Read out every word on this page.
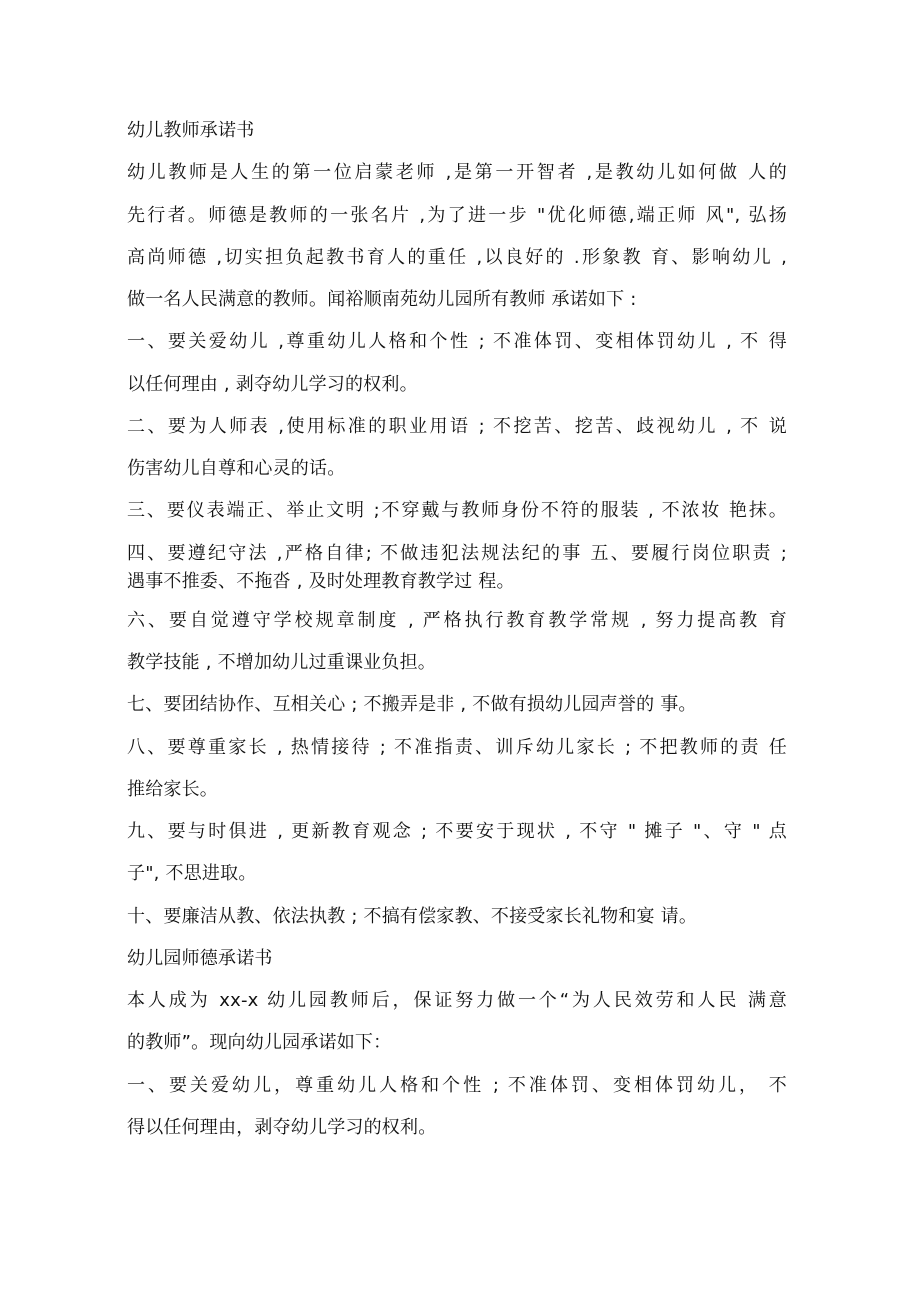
幼儿教师承诺书
幼儿教师是人生的第一位启蒙老师 ,是第一开智者 ,是教幼儿如何做 人的
先行者。师德是教师的一张名片 ,为了进一步 "优化师德,端正师 风", 弘扬
高尚师德 ,切实担负起教书育人的重任 ,以良好的 .形象教 育、影响幼儿 ,
做一名人民满意的教师。闻裕顺南苑幼儿园所有教师 承诺如下 :
一、要关爱幼儿 ,尊重幼儿人格和个性 ; 不准体罚、变相体罚幼儿 , 不 得
以任何理由 , 剥夺幼儿学习的权利。
二、要为人师表 ,使用标准的职业用语 ; 不挖苦、挖苦、歧视幼儿 , 不 说
伤害幼儿自尊和心灵的话。
三、要仪表端正、举止文明 ;不穿戴与教师身份不符的服装 , 不浓妆 艳抹。
四、要遵纪守法 ,严格自律; 不做违犯法规法纪的事 五、要履行岗位职责 ;
遇事不推委、不拖沓 , 及时处理教育教学过 程。
六、要自觉遵守学校规章制度 , 严格执行教育教学常规 , 努力提高教 育
教学技能 , 不增加幼儿过重课业负担。
七、要团结协作、互相关心 ; 不搬弄是非 , 不做有损幼儿园声誉的 事。
八、要尊重家长 , 热情接待 ; 不准指责、训斥幼儿家长 ; 不把教师的责 任
推给家长。
九、要与时俱进 , 更新教育观念 ; 不要安于现状 , 不守 " 摊子 "、守 " 点
子", 不思进取。
十、要廉洁从教、依法执教 ; 不搞有偿家教、不接受家长礼物和宴 请。
幼儿园师德承诺书
本人成为 xx-x 幼儿园教师后，保证努力做一个“为人民效劳和人民 满意
的教师”。现向幼儿园承诺如下：
一、要关爱幼儿，尊重幼儿人格和个性 ; 不准体罚、变相体罚幼儿， 不
得以任何理由，剥夺幼儿学习的权利。
